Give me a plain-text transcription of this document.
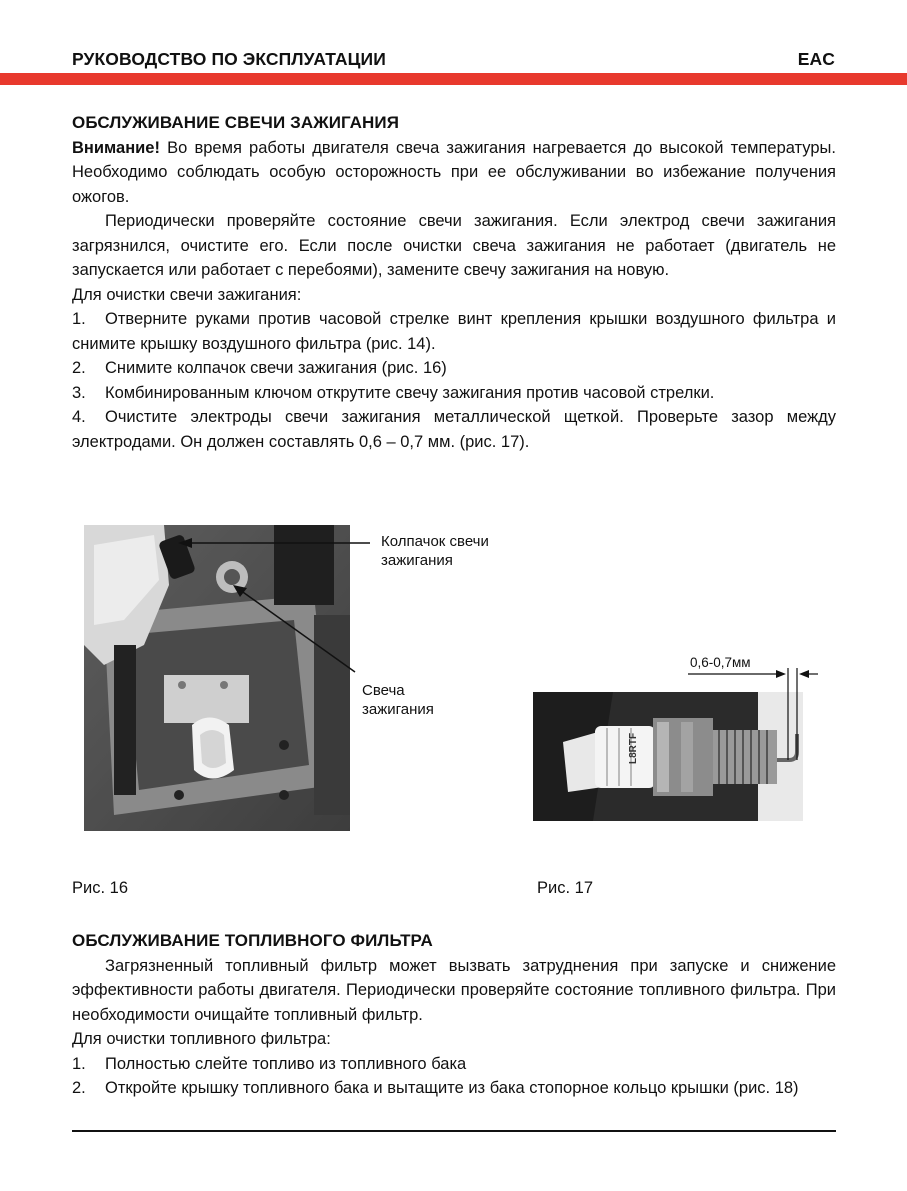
РУКОВОДСТВО ПО ЭКСПЛУАТАЦИИ	EAC
ОБСЛУЖИВАНИЕ СВЕЧИ ЗАЖИГАНИЯ

Внимание! Во время работы двигателя свеча зажигания нагревается до высокой температуры. Необходимо соблюдать особую осторожность при ее обслуживании во избежание получения ожогов.

Периодически проверяйте состояние свечи зажигания. Если электрод свечи зажигания загрязнился, очистите его. Если после очистки свеча зажигания не работает (двигатель не запускается или работает с перебоями), замените свечу зажигания на новую.

Для очистки свечи зажигания:

1. Отверните руками против часовой стрелке винт крепления крышки воздушного фильтра и снимите крышку воздушного фильтра (рис. 14).
2. Снимите колпачок свечи зажигания (рис. 16)
3. Комбинированным ключом открутите свечу зажигания против часовой стрелки.
4. Очистите электроды свечи зажигания металлической щеткой. Проверьте зазор между электродами. Он должен составлять 0,6 – 0,7 мм. (рис. 17).
Колпачок свечи
зажигания
Свеча
зажигания
L8RTF
0,6-0,7мм
Рис. 16	Рис. 17
ОБСЛУЖИВАНИЕ ТОПЛИВНОГО ФИЛЬТРА

Загрязненный топливный фильтр может вызвать затруднения при запуске и снижение эффективности работы двигателя. Периодически проверяйте состояние топливного фильтра. При необходимости очищайте топливный фильтр.

Для очистки топливного фильтра:

1. Полностью слейте топливо из топливного бака
2. Откройте крышку топливного бака и вытащите из бака стопорное кольцо крышки (рис. 18)
